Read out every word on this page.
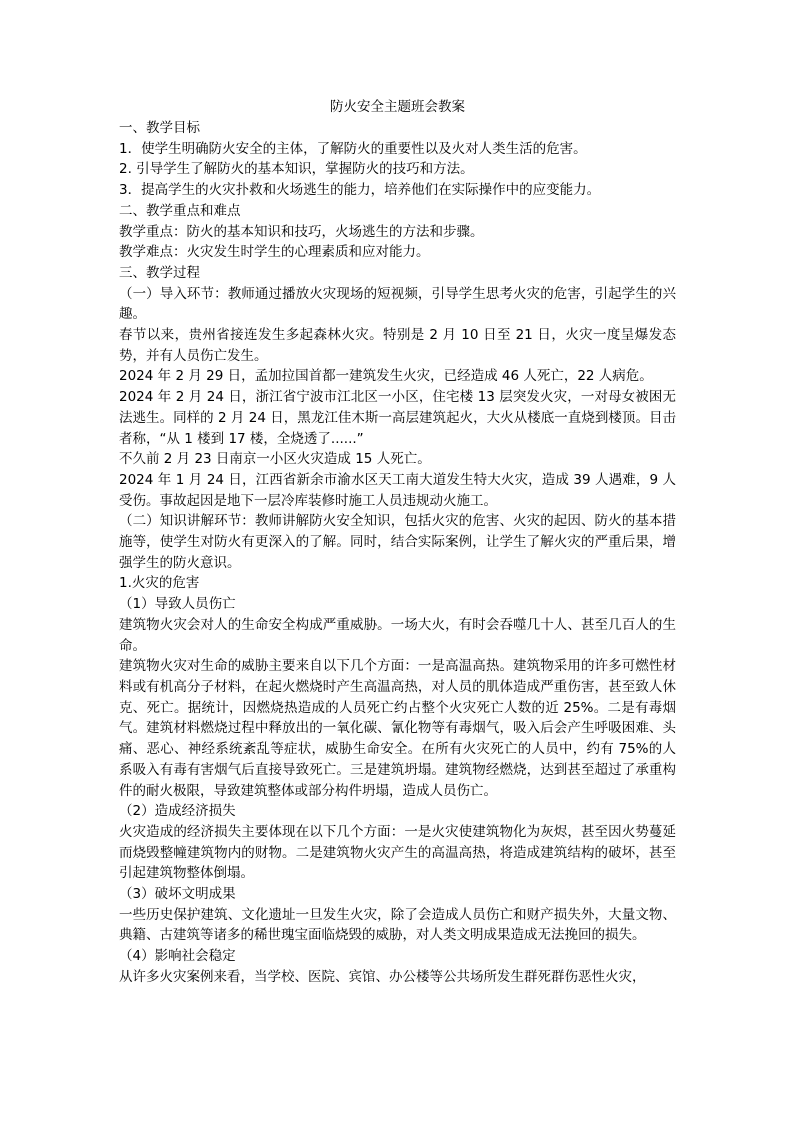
防火安全主题班会教案

一、教学目标

1．使学生明确防火安全的主体，了解防火的重要性以及火对人类生活的危害。

2. 引导学生了解防火的基本知识，掌握防火的技巧和方法。

3．提高学生的火灾扑救和火场逃生的能力，培养他们在实际操作中的应变能力。

二、教学重点和难点

教学重点：防火的基本知识和技巧，火场逃生的方法和步骤。

教学难点：火灾发生时学生的心理素质和应对能力。

三、教学过程

（一）导入环节：教师通过播放火灾现场的短视频，引导学生思考火灾的危害，引起学生的兴趣。

春节以来，贵州省接连发生多起森林火灾。特别是 2 月 10 日至 21 日，火灾一度呈爆发态势，并有人员伤亡发生。

2024 年 2 月 29 日，孟加拉国首都一建筑发生火灾，已经造成 46 人死亡，22 人病危。

2024 年 2 月 24 日，浙江省宁波市江北区一小区，住宅楼 13 层突发火灾，一对母女被困无法逃生。同样的 2 月 24 日，黑龙江佳木斯一高层建筑起火，大火从楼底一直烧到楼顶。目击者称，“从 1 楼到 17 楼，全烧透了......”

不久前 2 月 23 日南京一小区火灾造成 15 人死亡。

2024 年 1 月 24 日，江西省新余市渝水区天工南大道发生特大火灾，造成 39 人遇难，9 人受伤。事故起因是地下一层冷库装修时施工人员违规动火施工。

（二）知识讲解环节：教师讲解防火安全知识，包括火灾的危害、火灾的起因、防火的基本措施等，使学生对防火有更深入的了解。同时，结合实际案例，让学生了解火灾的严重后果，增强学生的防火意识。

1.火灾的危害

（1）导致人员伤亡

建筑物火灾会对人的生命安全构成严重威胁。一场大火，有时会吞噬几十人、甚至几百人的生命。

建筑物火灾对生命的威胁主要来自以下几个方面：一是高温高热。建筑物采用的许多可燃性材料或有机高分子材料，在起火燃烧时产生高温高热，对人员的肌体造成严重伤害，甚至致人休克、死亡。据统计，因燃烧热造成的人员死亡约占整个火灾死亡人数的近 25%。二是有毒烟气。建筑材料燃烧过程中释放出的一氧化碳、氰化物等有毒烟气，吸入后会产生呼吸困难、头痛、恶心、神经系统紊乱等症状，威胁生命安全。在所有火灾死亡的人员中，约有 75%的人系吸入有毒有害烟气后直接导致死亡。三是建筑坍塌。建筑物经燃烧，达到甚至超过了承重构件的耐火极限，导致建筑整体或部分构件坍塌，造成人员伤亡。

（2）造成经济损失

火灾造成的经济损失主要体现在以下几个方面：一是火灾使建筑物化为灰烬，甚至因火势蔓延而烧毁整幢建筑物内的财物。二是建筑物火灾产生的高温高热，将造成建筑结构的破坏，甚至引起建筑物整体倒塌。

（3）破坏文明成果

一些历史保护建筑、文化遗址一旦发生火灾，除了会造成人员伤亡和财产损失外，大量文物、典籍、古建筑等诸多的稀世瑰宝面临烧毁的威胁，对人类文明成果造成无法挽回的损失。

（4）影响社会稳定

从许多火灾案例来看，当学校、医院、宾馆、办公楼等公共场所发生群死群伤恶性火灾，
